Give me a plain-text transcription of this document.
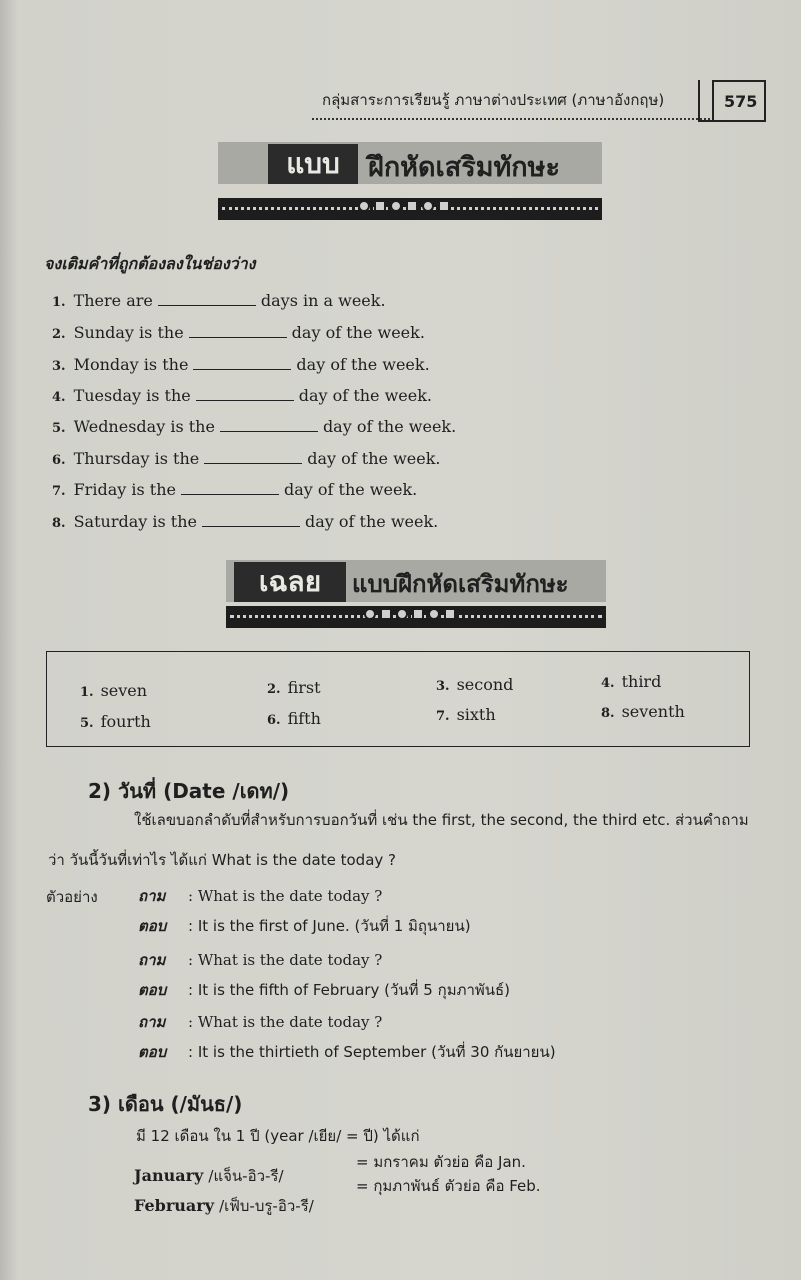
กลุ่มสาระการเรียนรู้ ภาษาต่างประเทศ (ภาษาอังกฤษ)	575
แบบ	ฝึกหัดเสริมทักษะ
จงเติมคำที่ถูกต้องลงในช่องว่าง
1. There are	days in a week.
2. Sunday is the	day of the week.
3. Monday is the	day of the week.
4. Tuesday is the	day of the week.
5. Wednesday is the	day of the week.
6. Thursday is the	day of the week.
7. Friday is the	day of the week.
8. Saturday is the	day of the week.
เฉลย	แบบฝึกหัดเสริมทักษะ
1. seven	2. first	3. second	4. third
5. fourth	6. fifth	7. sixth	8. seventh
2) วันที่ (Date /เดท/)
ใช้เลขบอกลำดับที่สำหรับการบอกวันที่ เช่น the first, the second, the third etc. ส่วนคำถาม
ว่า วันนี้วันที่เท่าไร ได้แก่ What is the date today ?
ตัวอย่าง	ถาม : What is the date today ?
ตอบ : It is the first of June. (วันที่ 1 มิถุนายน)
ถาม : What is the date today ?
ตอบ : It is the fifth of February (วันที่ 5 กุมภาพันธ์)
ถาม : What is the date today ?
ตอบ : It is the thirtieth of September (วันที่ 30 กันยายน)
3) เดือน (/มันธ/)
มี 12 เดือน ใน 1 ปี (year /เยีย/ = ปี) ได้แก่
January /แจ็น-อิว-รี/
= มกราคม ตัวย่อ คือ Jan.
February /เฟ็บ-บรู-อิว-รี/
= กุมภาพันธ์ ตัวย่อ คือ Feb.
